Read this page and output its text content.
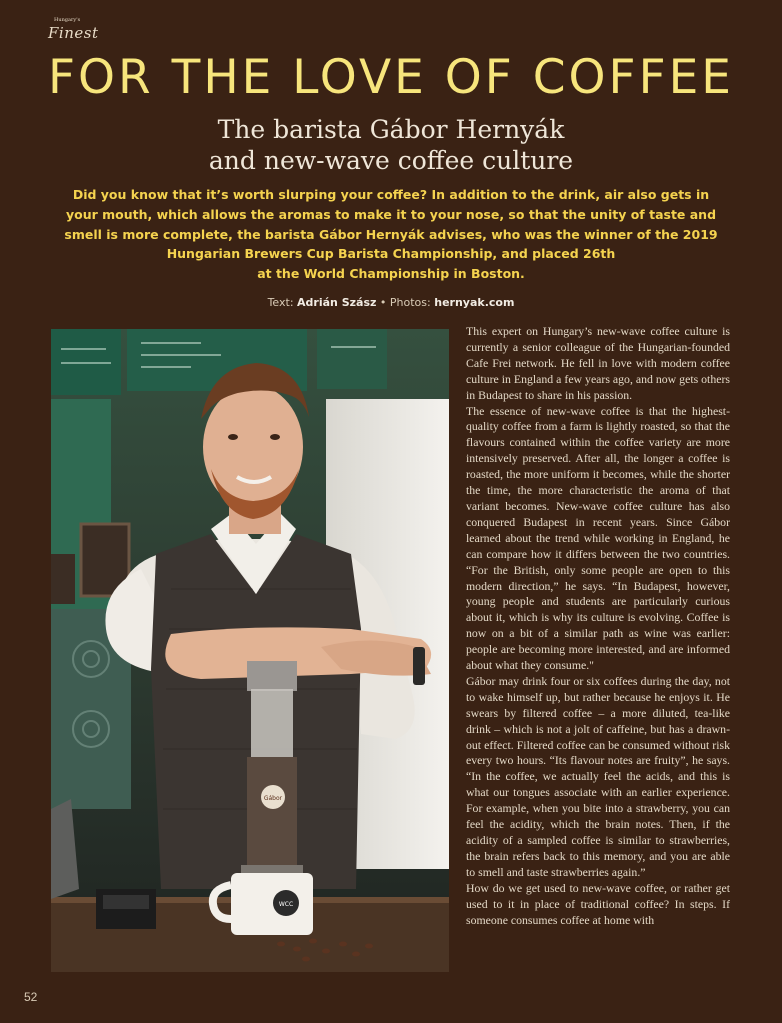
Hungary's
Finest
FOR THE LOVE OF COFFEE
The barista Gábor Hernyák
and new-wave coffee culture
Did you know that it’s worth slurping your coffee? In addition to the drink, air also gets in
your mouth, which allows the aromas to make it to your nose, so that the unity of taste and
smell is more complete, the barista Gábor Hernyák advises, who was the winner of the 2019
Hungarian Brewers Cup Barista Championship, and placed 26th
at the World Championship in Boston.
Text: Adrián Szász • Photos: hernyak.com
Gábor
WCC

This expert on Hungary’s new-wave coffee culture is currently a senior colleague of the Hungarian-founded Cafe Frei network. He fell in love with modern coffee culture in England a few years ago, and now gets others in Budapest to share in his passion.

The essence of new-wave coffee is that the highest-quality coffee from a farm is lightly roasted, so that the flavours contained within the coffee variety are more intensively preserved. After all, the longer a coffee is roasted, the more uniform it becomes, while the shorter the time, the more characteristic the aroma of that variant becomes. New-wave coffee culture has also conquered Budapest in recent years. Since Gábor learned about the trend while working in England, he can compare how it differs between the two countries. “For the British, only some people are open to this modern direction,” he says. “In Budapest, however, young people and students are particularly curious about it, which is why its culture is evolving. Coffee is now on a bit of a similar path as wine was earlier: people are becoming more interested, and are informed about what they consume."

Gábor may drink four or six coffees during the day, not to wake himself up, but rather because he enjoys it. He swears by filtered coffee – a more diluted, tea-like drink – which is not a jolt of caffeine, but has a drawn-out effect. Filtered coffee can be consumed without risk every two hours. “Its flavour notes are fruity”, he says. “In the coffee, we actually feel the acids, and this is what our tongues associate with an earlier experience. For example, when you bite into a strawberry, you can feel the acidity, which the brain notes. Then, if the acidity of a sampled coffee is similar to strawberries, the brain refers back to this memory, and you are able to smell and taste strawberries again.”

How do we get used to new-wave coffee, or rather get used to it in place of traditional coffee? In steps. If someone consumes coffee at home with

52
